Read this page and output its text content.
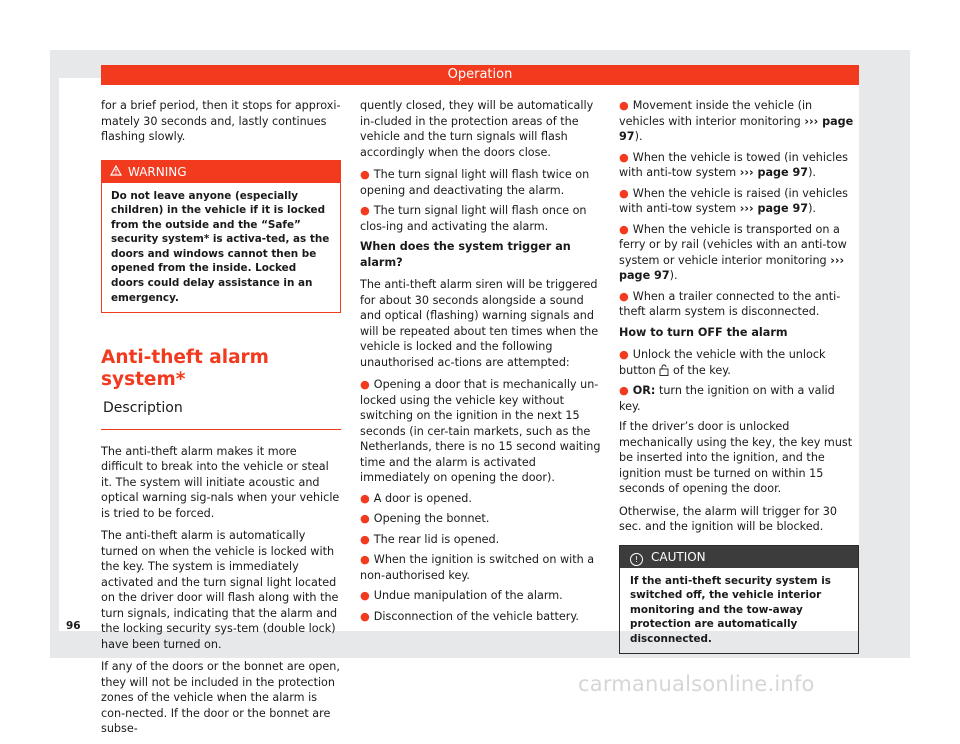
Operation

for a brief period, then it stops for approxi-mately 30 seconds and, lastly continues flashing slowly.

WARNING
Do not leave anyone (especially children) in the vehicle if it is locked from the outside and the “Safe” security system* is activa-ted, as the doors and windows cannot then be opened from the inside. Locked doors could delay assistance in an emergency.
Anti-theft alarm system*
Description

The anti-theft alarm makes it more difficult to break into the vehicle or steal it. The system will initiate acoustic and optical warning sig-nals when your vehicle is tried to be forced.

The anti-theft alarm is automatically turned on when the vehicle is locked with the key. The system is immediately activated and the turn signal light located on the driver door will flash along with the turn signals, indicating that the alarm and the locking security sys-tem (double lock) have been turned on.

If any of the doors or the bonnet are open, they will not be included in the protection zones of the vehicle when the alarm is con-nected. If the door or the bonnet are subse-

quently closed, they will be automatically in-cluded in the protection areas of the vehicle and the turn signals will flash accordingly when the doors close.

● The turn signal light will flash twice on opening and deactivating the alarm.

● The turn signal light will flash once on clos-ing and activating the alarm.

When does the system trigger an alarm?

The anti-theft alarm siren will be triggered for about 30 seconds alongside a sound and optical (flashing) warning signals and will be repeated about ten times when the vehicle is locked and the following unauthorised ac-tions are attempted:

● Opening a door that is mechanically un-locked using the vehicle key without switching on the ignition in the next 15 seconds (in cer-tain markets, such as the Netherlands, there is no 15 second waiting time and the alarm is activated immediately on opening the door).

● A door is opened.

● Opening the bonnet.

● The rear lid is opened.

● When the ignition is switched on with a non-authorised key.

● Undue manipulation of the alarm.

● Disconnection of the vehicle battery.

● Movement inside the vehicle (in vehicles with interior monitoring ››› page 97).

● When the vehicle is towed (in vehicles with anti-tow system ››› page 97).

● When the vehicle is raised (in vehicles with anti-tow system ››› page 97).

● When the vehicle is transported on a ferry or by rail (vehicles with an anti-tow system or vehicle interior monitoring ››› page 97).

● When a trailer connected to the anti-theft alarm system is disconnected.

How to turn OFF the alarm

● Unlock the vehicle with the unlock button of the key.

● OR: turn the ignition on with a valid key.

If the driver’s door is unlocked mechanically using the key, the key must be inserted into the ignition, and the ignition must be turned on within 15 seconds of opening the door.

Otherwise, the alarm will trigger for 30 sec. and the ignition will be blocked.

! CAUTION
If the anti-theft security system is switched off, the vehicle interior monitoring and the tow-away protection are automatically disconnected.
96
carmanualsonline.info
